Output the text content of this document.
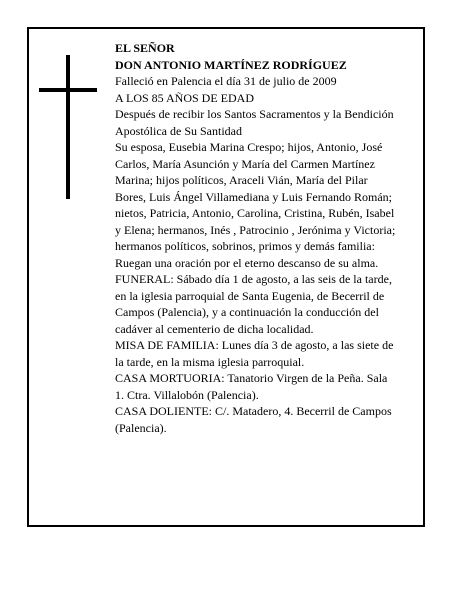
EL SEÑOR

DON ANTONIO MARTÍNEZ RODRÍGUEZ

Falleció en Palencia el día 31 de julio de 2009

A LOS 85 AÑOS DE EDAD

Después de recibir los Santos Sacramentos y la Bendición Apostólica de Su Santidad

Su esposa, Eusebia Marina Crespo; hijos, Antonio, José Carlos, María Asunción y María del Carmen Martínez Marina; hijos políticos, Araceli Vián, María del Pilar Bores, Luis Ángel Villamediana y Luis Fernando Román; nietos, Patricia, Antonio, Carolina, Cristina, Rubén, Isabel y Elena; hermanos, Inés , Patrocinio , Jerónima y Victoria; hermanos políticos, sobrinos, primos y demás familia:

Ruegan una oración por el eterno descanso de su alma.

FUNERAL: Sábado día 1 de agosto, a las seis de la tarde, en la iglesia parroquial de Santa Eugenia, de Becerril de Campos (Palencia), y a continuación la conducción del cadáver al cementerio de dicha localidad.

MISA DE FAMILIA: Lunes día 3 de agosto, a las siete de la tarde, en la misma iglesia parroquial.

CASA MORTUORIA: Tanatorio Virgen de la Peña. Sala 1. Ctra. Villalobón (Palencia).

CASA DOLIENTE: C/. Matadero, 4. Becerril de Campos (Palencia).
